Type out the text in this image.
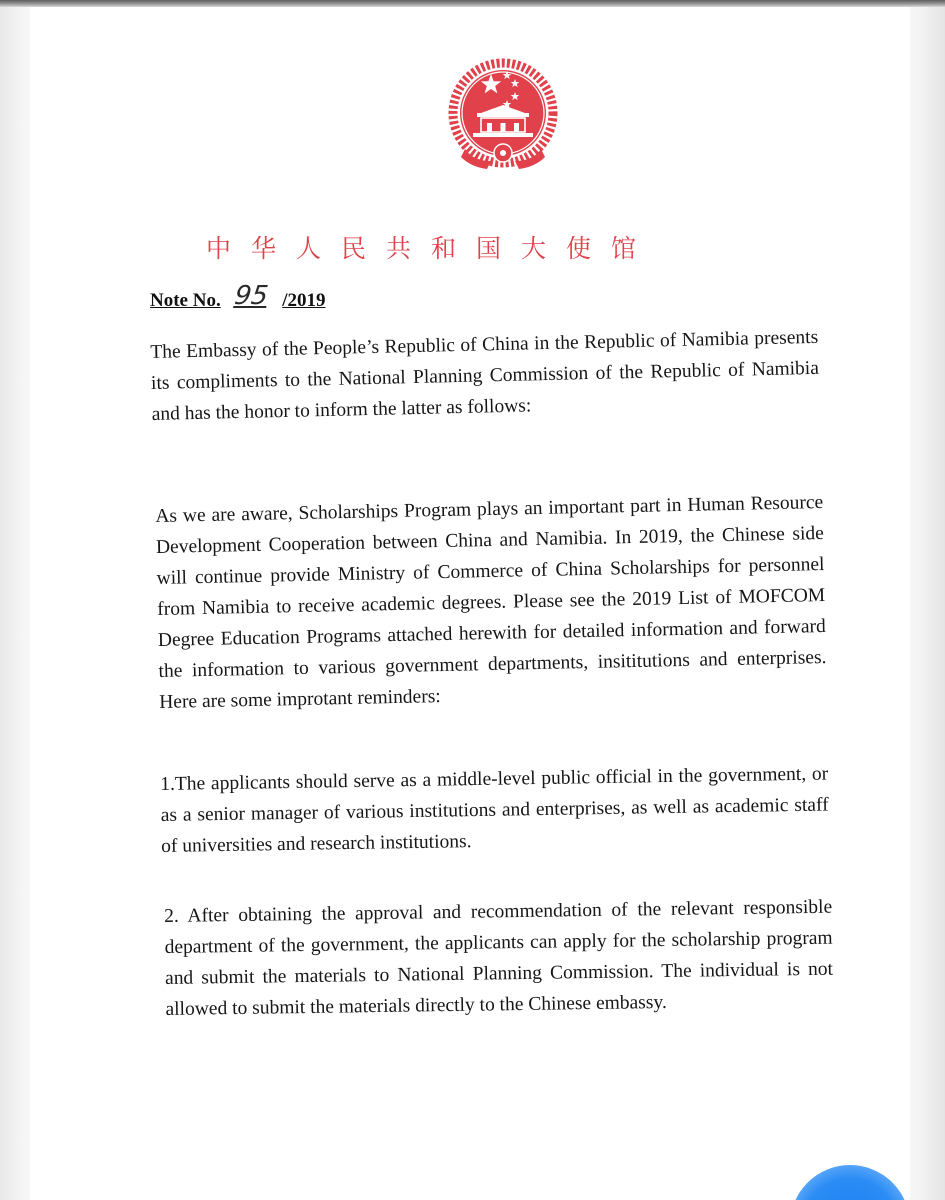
中华人民共和国大使馆
Note No. 95 /2019

The Embassy of the People’s Republic of China in the Republic of Namibia presents its compliments to the National Planning Commission of the Republic of Namibia and has the honor to inform the latter as follows:

As we are aware, Scholarships Program plays an important part in Human Resource Development Cooperation between China and Namibia. In 2019, the Chinese side will continue provide Ministry of Commerce of China Scholarships for personnel from Namibia to receive academic degrees. Please see the 2019 List of MOFCOM Degree Education Programs attached herewith for detailed information and forward the information to various government departments, insititutions and enterprises. Here are some improtant reminders:

1.The applicants should serve as a middle-level public official in the government, or as a senior manager of various institutions and enterprises, as well as academic staff of universities and research institutions.

2. After obtaining the approval and recommendation of the relevant responsible department of the government, the applicants can apply for the scholarship program and submit the materials to National Planning Commission. The individual is not allowed to submit the materials directly to the Chinese embassy.
